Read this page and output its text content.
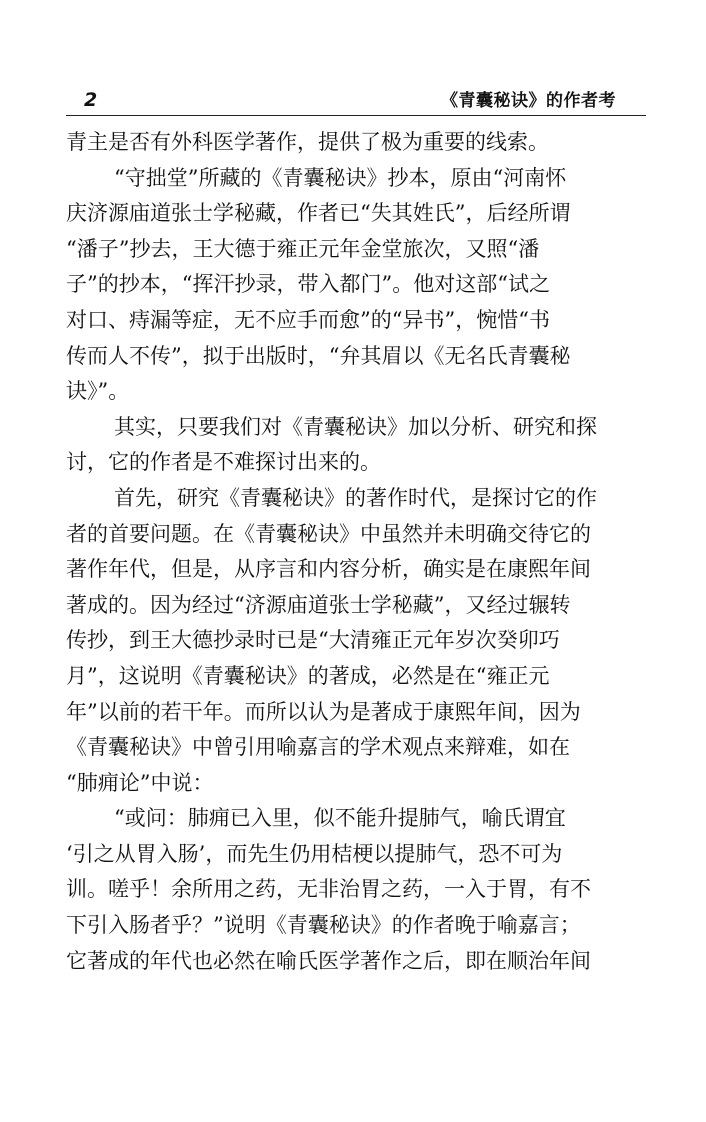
2	《青囊秘诀》的作者考
青主是否有外科医学著作，提供了极为重要的线索。
“守拙堂”所藏的《青囊秘诀》抄本，原由“河南怀
庆济源庙道张士学秘藏，作者已“失其姓氏”，后经所谓
“潘子”抄去，王大德于雍正元年金堂旅次，又照“潘
子”的抄本，“挥汗抄录，带入都门”。他对这部“试之
对口、痔漏等症，无不应手而愈”的“异书”，惋惜“书
传而人不传”，拟于出版时，“弁其眉以《无名氏青囊秘
诀》”。
其实，只要我们对《青囊秘诀》加以分析、研究和探
讨，它的作者是不难探讨出来的。
首先，研究《青囊秘诀》的著作时代，是探讨它的作
者的首要问题。在《青囊秘诀》中虽然并未明确交待它的
著作年代，但是，从序言和内容分析，确实是在康熙年间
著成的。因为经过“济源庙道张士学秘藏”，又经过辗转
传抄，到王大德抄录时已是“大清雍正元年岁次癸卯巧
月”，这说明《青囊秘诀》的著成，必然是在“雍正元
年”以前的若干年。而所以认为是著成于康熙年间，因为
《青囊秘诀》中曾引用喻嘉言的学术观点来辩难，如在
“肺痈论”中说：
“或问：肺痈已入里，似不能升提肺气，喻氏谓宜
‘引之从胃入肠’，而先生仍用桔梗以提肺气，恐不可为
训。嗟乎！余所用之药，无非治胃之药，一入于胃，有不
下引入肠者乎？”说明《青囊秘诀》的作者晚于喻嘉言；
它著成的年代也必然在喻氏医学著作之后，即在顺治年间
